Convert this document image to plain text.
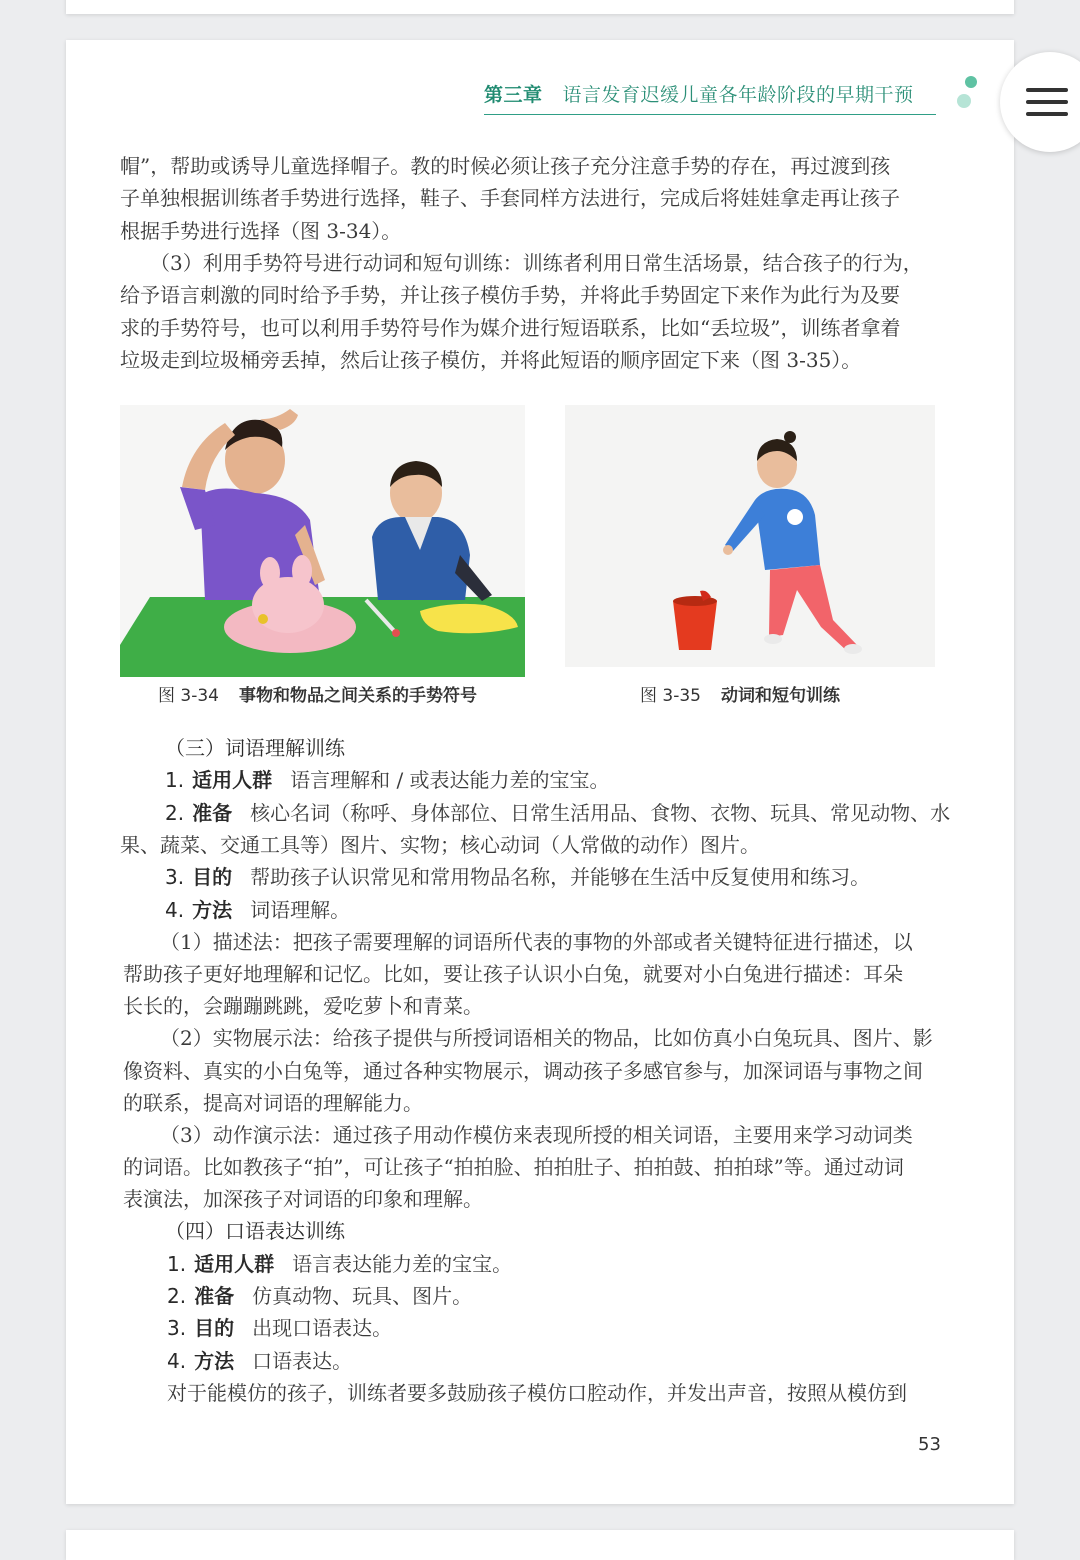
第三章 语言发育迟缓儿童各年龄阶段的早期干预
帽”，帮助或诱导儿童选择帽子。教的时候必须让孩子充分注意手势的存在，再过渡到孩
子单独根据训练者手势进行选择，鞋子、手套同样方法进行，完成后将娃娃拿走再让孩子
根据手势进行选择（图 3-34）。
（3）利用手势符号进行动词和短句训练：训练者利用日常生活场景，结合孩子的行为，
给予语言刺激的同时给予手势，并让孩子模仿手势，并将此手势固定下来作为此行为及要
求的手势符号，也可以利用手势符号作为媒介进行短语联系，比如“丢垃圾”，训练者拿着
垃圾走到垃圾桶旁丢掉，然后让孩子模仿，并将此短语的顺序固定下来（图 3-35）。
图 3-34 事物和物品之间关系的手势符号	图 3-35 动词和短句训练
（三）词语理解训练
1. 适用人群 语言理解和 / 或表达能力差的宝宝。
2. 准备 核心名词（称呼、身体部位、日常生活用品、食物、衣物、玩具、常见动物、水
果、蔬菜、交通工具等）图片、实物；核心动词（人常做的动作）图片。
3. 目的 帮助孩子认识常见和常用物品名称，并能够在生活中反复使用和练习。
4. 方法 词语理解。
（1）描述法：把孩子需要理解的词语所代表的事物的外部或者关键特征进行描述，以
帮助孩子更好地理解和记忆。比如，要让孩子认识小白兔，就要对小白兔进行描述：耳朵
长长的，会蹦蹦跳跳，爱吃萝卜和青菜。
（2）实物展示法：给孩子提供与所授词语相关的物品，比如仿真小白兔玩具、图片、影
像资料、真实的小白兔等，通过各种实物展示，调动孩子多感官参与，加深词语与事物之间
的联系，提高对词语的理解能力。
（3）动作演示法：通过孩子用动作模仿来表现所授的相关词语，主要用来学习动词类
的词语。比如教孩子“拍”，可让孩子“拍拍脸、拍拍肚子、拍拍鼓、拍拍球”等。通过动词
表演法，加深孩子对词语的印象和理解。
（四）口语表达训练
1. 适用人群 语言表达能力差的宝宝。
2. 准备 仿真动物、玩具、图片。
3. 目的 出现口语表达。
4. 方法 口语表达。
对于能模仿的孩子，训练者要多鼓励孩子模仿口腔动作，并发出声音，按照从模仿到
53
